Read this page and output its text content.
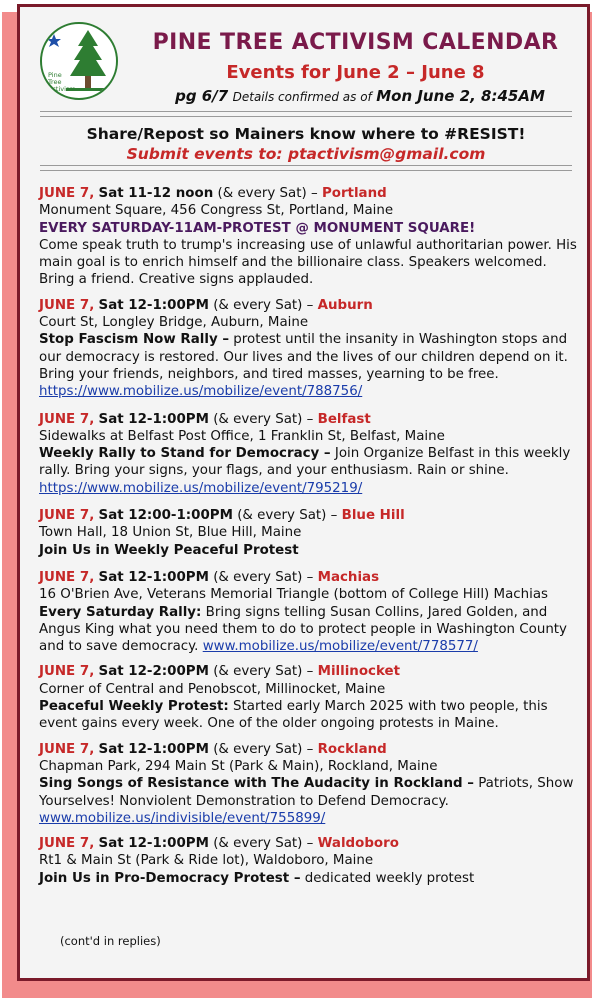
Pine Tree Activism
PINE TREE ACTIVISM CALENDAR
Events for June 2 – June 8
pg 6/7 Details confirmed as of Mon June 2, 8:45AM
Share/Repost so Mainers know where to #RESIST!
Submit events to: ptactivism@gmail.com
JUNE 7, Sat 11-12 noon (& every Sat) – Portland
Monument Square, 456 Congress St, Portland, Maine
EVERY SATURDAY-11AM-PROTEST @ MONUMENT SQUARE!
Come speak truth to trump's increasing use of unlawful authoritarian power. His main goal is to enrich himself and the billionaire class. Speakers welcomed. Bring a friend. Creative signs applauded.
JUNE 7, Sat 12-1:00PM (& every Sat) – Auburn
Court St, Longley Bridge, Auburn, Maine
Stop Fascism Now Rally – protest until the insanity in Washington stops and our democracy is restored. Our lives and the lives of our children depend on it. Bring your friends, neighbors, and tired masses, yearning to be free. https://www.mobilize.us/mobilize/event/788756/
JUNE 7, Sat 12-1:00PM (& every Sat) – Belfast
Sidewalks at Belfast Post Office, 1 Franklin St, Belfast, Maine
Weekly Rally to Stand for Democracy – Join Organize Belfast in this weekly rally. Bring your signs, your flags, and your enthusiasm. Rain or shine. https://www.mobilize.us/mobilize/event/795219/
JUNE 7, Sat 12:00-1:00PM (& every Sat) – Blue Hill
Town Hall, 18 Union St, Blue Hill, Maine
Join Us in Weekly Peaceful Protest
JUNE 7, Sat 12-1:00PM (& every Sat) – Machias
16 O'Brien Ave, Veterans Memorial Triangle (bottom of College Hill) Machias
Every Saturday Rally: Bring signs telling Susan Collins, Jared Golden, and Angus King what you need them to do to protect people in Washington County and to save democracy. www.mobilize.us/mobilize/event/778577/
JUNE 7, Sat 12-2:00PM (& every Sat) – Millinocket
Corner of Central and Penobscot, Millinocket, Maine
Peaceful Weekly Protest: Started early March 2025 with two people, this event gains every week. One of the older ongoing protests in Maine.
JUNE 7, Sat 12-1:00PM (& every Sat) – Rockland
Chapman Park, 294 Main St (Park & Main), Rockland, Maine
Sing Songs of Resistance with The Audacity in Rockland – Patriots, Show Yourselves! Nonviolent Demonstration to Defend Democracy. www.mobilize.us/indivisible/event/755899/
JUNE 7, Sat 12-1:00PM (& every Sat) – Waldoboro
Rt1 & Main St (Park & Ride lot), Waldoboro, Maine
Join Us in Pro-Democracy Protest – dedicated weekly protest
(cont'd in replies)
